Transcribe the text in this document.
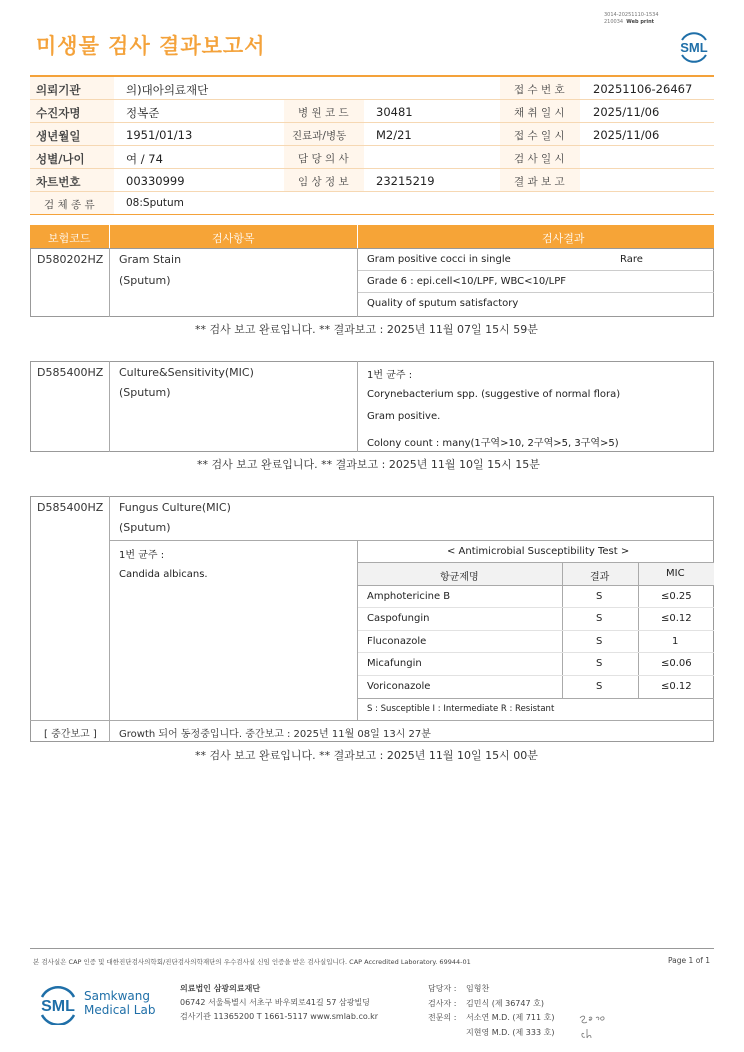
미생물 검사 결과보고서
3014-20251110-1534
210034 Web print
SML
의뢰기관	의)대아의료재단	접 수 번 호 20251106-26467
수진자명	정복준	병 원 코 드 30481	채 취 일 시 2025/11/06
생년월일	1951/01/13	진료과/병동	M2/21	접 수 일 시 2025/11/06
성별/나이	여 / 74	담 당 의 사	검 사 일 시
차트번호	00330999	임 상 정 보 23215219	결 과 보 고
검 체 종 류	08:Sputum
보험코드	검사항목	검사결과
D580202HZ Gram Stain
(Sputum)
Gram positive cocci in single	Rare
Grade 6 : epi.cell<10/LPF, WBC<10/LPF
Quality of sputum satisfactory
** 검사 보고 완료입니다. ** 결과보고 : 2025년 11월 07일 15시 59분
D585400HZ Culture&Sensitivity(MIC)
(Sputum)
1번 균주 :
Corynebacterium spp. (suggestive of normal flora)
Gram positive.
Colony count : many(1구역>10, 2구역>5, 3구역>5)
** 검사 보고 완료입니다. ** 결과보고 : 2025년 11월 10일 15시 15분
D585400HZ Fungus Culture(MIC)
(Sputum)
1번 균주 :
Candida albicans.
< Antimicrobial Susceptibility Test >
항균제명	결과	MIC
Amphotericine B	S	≤0.25
Caspofungin	S	≤0.12
Fluconazole	S	1
Micafungin	S	≤0.06
Voriconazole	S	≤0.12
S : Susceptible I : Intermediate R : Resistant
[ 중간보고 ] Growth 되어 동정중입니다. 중간보고 : 2025년 11월 08일 13시 27분
** 검사 보고 완료입니다. ** 결과보고 : 2025년 11월 10일 15시 00분
본 검사실은 CAP 인증 및 대한진단검사의학회/진단검사의학재단의 우수검사실 신임 인증을 받은 검사실입니다. CAP Accredited Laboratory. 69944-01	Page 1 of 1
SML
Samkwang
Medical Lab
의료법인 삼광의료재단
06742 서울특별시 서초구 바우뫼로41길 57 삼광빌딩
검사기관 11365200 T 1661-5117 www.smlab.co.kr
담당자 : 임형찬
검사자 : 김민식 (제 36747 호)
전문의 : 서소연 M.D. (제 711 호)
지현영 M.D. (제 333 호)
